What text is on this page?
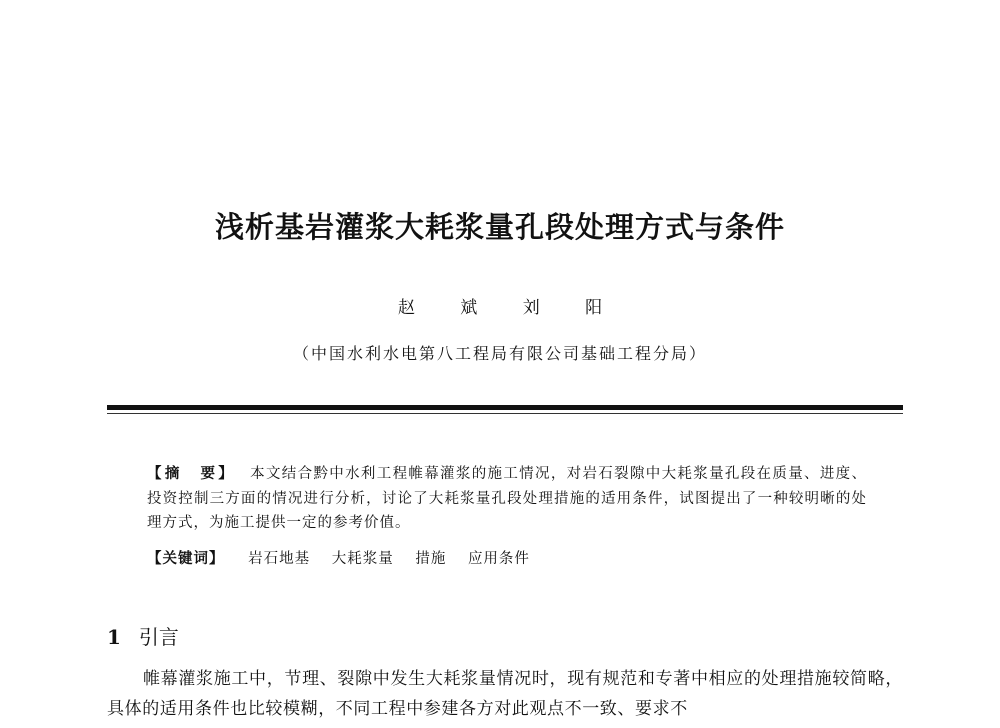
浅析基岩灌浆大耗浆量孔段处理方式与条件
赵 斌 刘 阳
（中国水利水电第八工程局有限公司基础工程分局）
【摘　要】 本文结合黔中水利工程帷幕灌浆的施工情况，对岩石裂隙中大耗浆量孔段在质量、进度、投资控制三方面的情况进行分析，讨论了大耗浆量孔段处理措施的适用条件，试图提出了一种较明晰的处理方式，为施工提供一定的参考价值。
【关键词】 岩石地基 大耗浆量 措施 应用条件
1 引言
帷幕灌浆施工中，节理、裂隙中发生大耗浆量情况时，现有规范和专著中相应的处理措施较简略，具体的适用条件也比较模糊，不同工程中参建各方对此观点不一致、要求不
